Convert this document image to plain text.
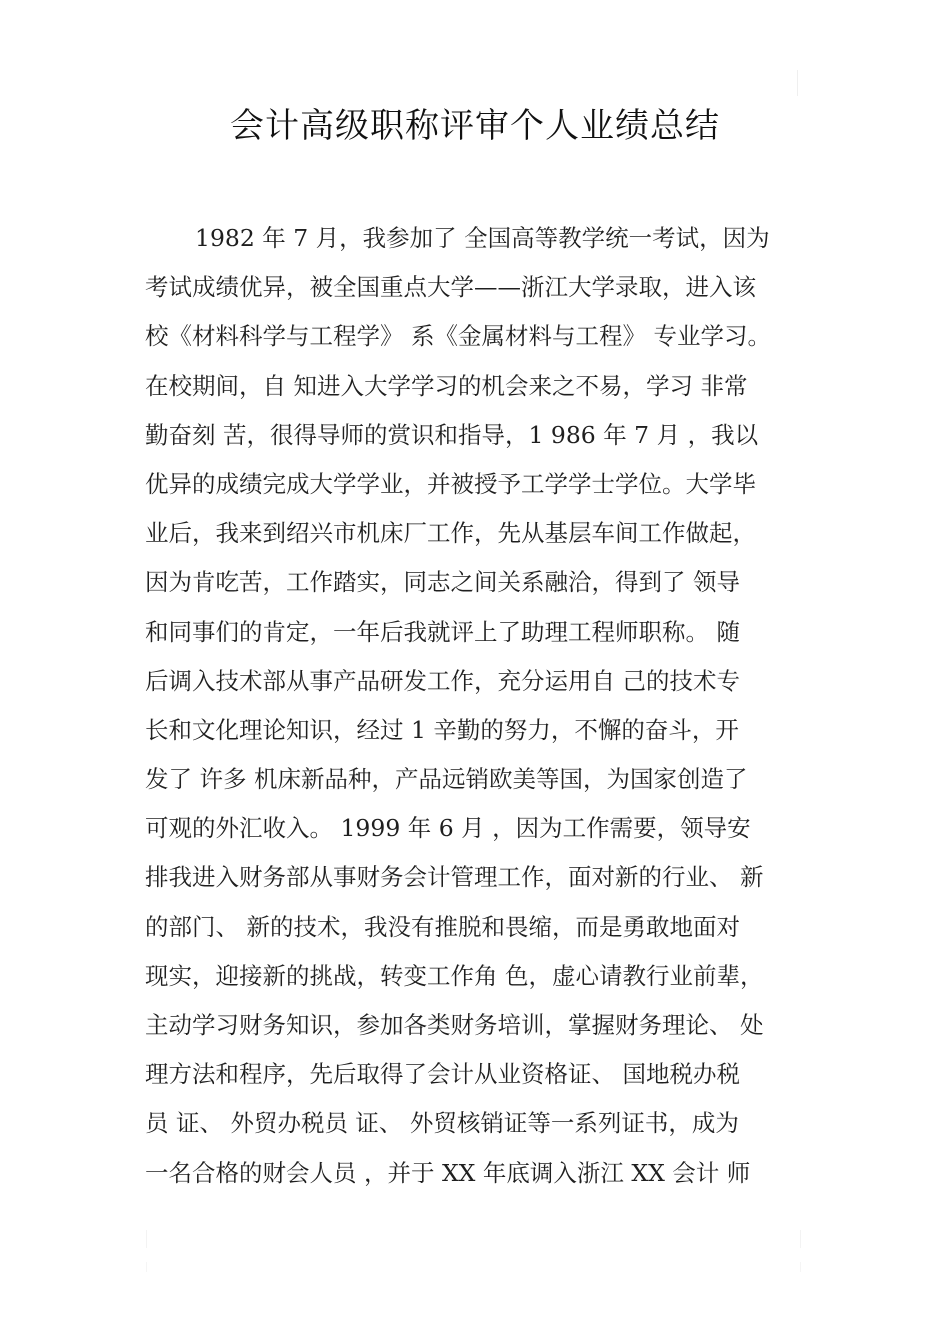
会计高级职称评审个人业绩总结
1982 年 7 月，我参加了 全国高等教学统一考试，因为
考试成绩优异，被全国重点大学——浙江大学录取，进入该
校《材料科学与工程学》 系《金属材料与工程》 专业学习。
在校期间，自 知进入大学学习的机会来之不易，学习 非常
勤奋刻 苦，很得导师的赏识和指导，1 986 年 7 月 ，我以
优异的成绩完成大学学业，并被授予工学学士学位。大学毕
业后，我来到绍兴市机床厂工作，先从基层车间工作做起，
因为肯吃苦，工作踏实，同志之间关系融洽，得到了 领导
和同事们的肯定，一年后我就评上了助理工程师职称。 随
后调入技术部从事产品研发工作，充分运用自 己的技术专
长和文化理论知识，经过 1 辛勤的努力，不懈的奋斗，开
发了 许多 机床新品种，产品远销欧美等国，为国家创造了
可观的外汇收入。 1999 年 6 月 ，因为工作需要，领导安
排我进入财务部从事财务会计管理工作，面对新的行业、 新
的部门、 新的技术，我没有推脱和畏缩，而是勇敢地面对
现实，迎接新的挑战，转变工作角 色，虚心请教行业前辈，
主动学习财务知识，参加各类财务培训，掌握财务理论、 处
理方法和程序，先后取得了会计从业资格证、 国地税办税
员 证、 外贸办税员 证、 外贸核销证等一系列证书，成为
一名合格的财会人员 ，并于 XX 年底调入浙江 XX 会计 师
